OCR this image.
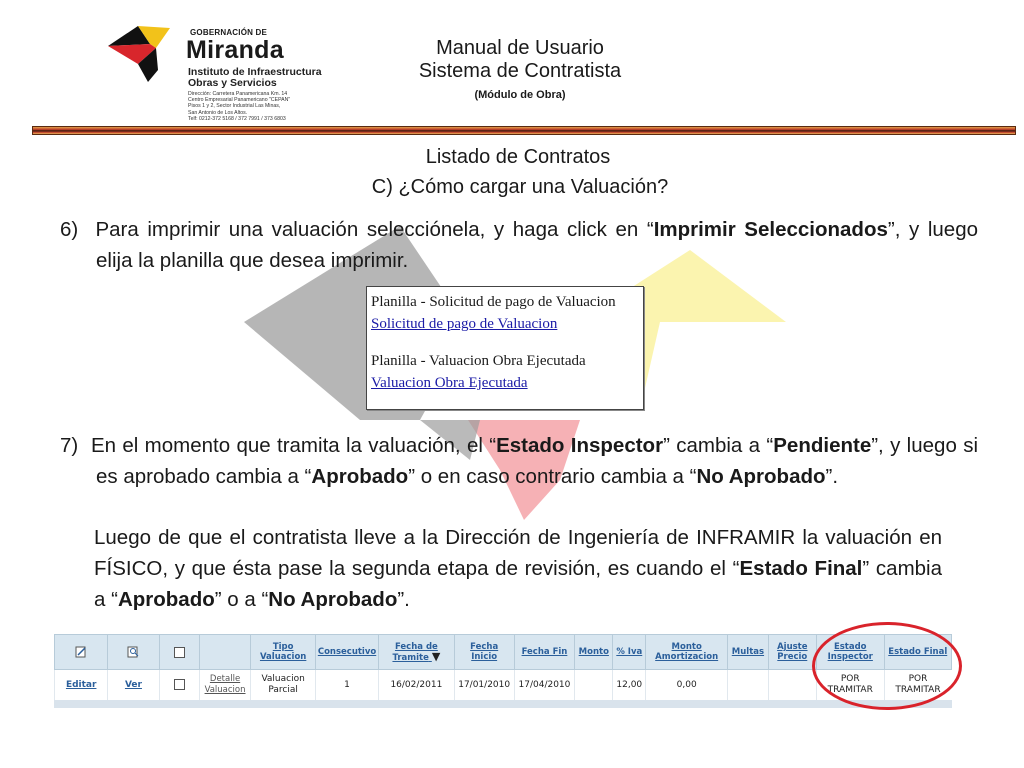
GOBERNACIÓN DE
Miranda
Instituto de Infraestructura
Obras y Servicios
Dirección: Carretera Panamericana Km. 14
Centro Empresarial Panamericano "CEPAN"
Pisos 1 y 2, Sector Industrial Las Minas,
San Antonio de Los Altos.
Telf: 0212-372 5168 / 372 7991 / 373 6803
Manual de Usuario
Sistema de Contratista
(Módulo de Obra)
Listado de Contratos
C) ¿Cómo cargar una Valuación?
6) Para imprimir una valuación selecciónela, y haga click en “Imprimir Seleccionados”, y luego elija la planilla que desea imprimir.
Planilla - Solicitud de pago de Valuacion
Solicitud de pago de Valuacion
Planilla - Valuacion Obra Ejecutada
Valuacion Obra Ejecutada
7) En el momento que tramita la valuación, el “Estado Inspector” cambia a “Pendiente”, y luego si es aprobado cambia a “Aprobado” o en caso contrario cambia a “No Aprobado”.
Luego de que el contratista lleve a la Dirección de Ingeniería de INFRAMIR la valuación en FÍSICO, y que ésta pase la segunda etapa de revisión, es cuando el “Estado Final” cambia a “Aprobado” o a “No Aprobado”.
				Tipo Valuacion	Consecutivo	Fecha de Tramite ▼	Fecha Inicio	Fecha Fin	Monto	% Iva	Monto Amortizacion	Multas	Ajuste Precio	Estado Inspector	Estado Final
Editar	Ver		Detalle Valuacion	Valuacion Parcial	1	16/02/2011	17/01/2010	17/04/2010		12,00	0,00			POR TRAMITAR	POR TRAMITAR
